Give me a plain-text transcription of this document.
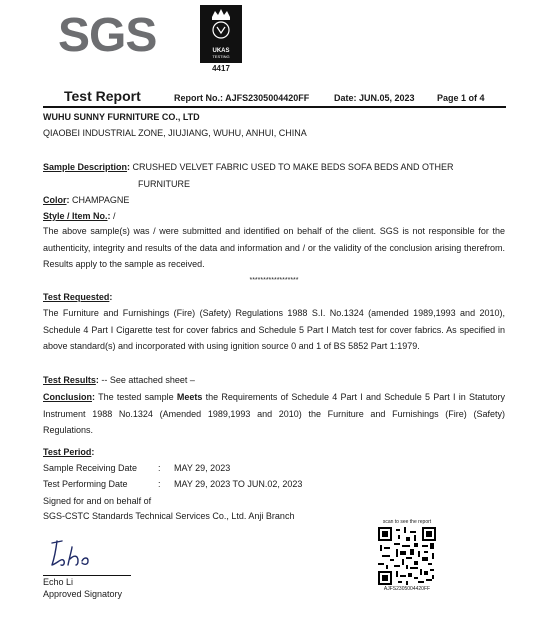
SGS	UKAS
TESTING
4417
Test Report	Report No.: AJFS2305004420FF	Date: JUN.05, 2023 Page 1 of 4
WUHU SUNNY FURNITURE CO., LTD
QIAOBEI INDUSTRIAL ZONE, JIUJIANG, WUHU, ANHUI, CHINA
Sample Description: CRUSHED VELVET FABRIC USED TO MAKE BEDS SOFA BEDS AND OTHER
FURNITURE
Color: CHAMPAGNE
Style / Item No.: /
The above sample(s) was / were submitted and identified on behalf of the client. SGS is not responsible for the authenticity, integrity and results of the data and information and / or the validity of the conclusion arising therefrom. Results apply to the sample as received.
******************
Test Requested:
The Furniture and Furnishings (Fire) (Safety) Regulations 1988 S.I. No.1324 (amended 1989,1993 and 2010), Schedule 4 Part I Cigarette test for cover fabrics and Schedule 5 Part I Match test for cover fabrics. As specified in above standard(s) and incorporated with using ignition source 0 and 1 of BS 5852 Part 1:1979.
Test Results: -- See attached sheet –
Conclusion: The tested sample Meets the Requirements of Schedule 4 Part I and Schedule 5 Part I in Statutory Instrument 1988 No.1324 (Amended 1989,1993 and 2010) the Furniture and Furnishings (Fire) (Safety) Regulations.
Test Period:
Sample Receiving Date : MAY 29, 2023
Test Performing Date	: MAY 29, 2023 TO JUN.02, 2023
Signed for and on behalf of
SGS-CSTC Standards Technical Services Co., Ltd. Anji Branch
Echo Li
Approved Signatory
scan to see the report
AJFS2305004420FF
